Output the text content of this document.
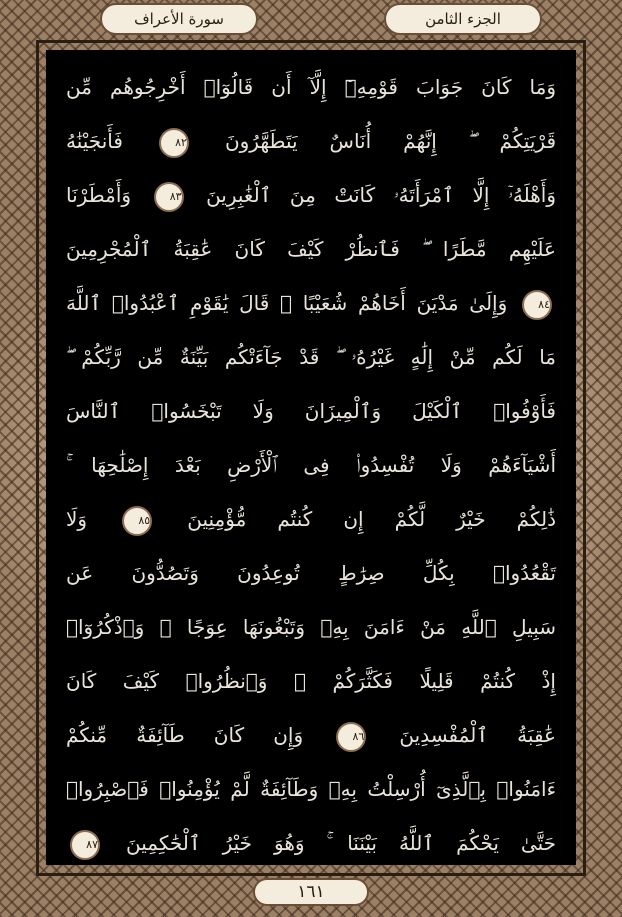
سورة الأعراف	الجزء الثامن
وَمَا كَانَ جَوَابَ قَوْمِهِۦٓ إِلَّآ أَن قَالُوٓا۟ أَخْرِجُوهُم مِّن
قَرْيَتِكُمْ ۖ إِنَّهُمْ أُنَاسٌ يَتَطَهَّرُونَ ٨٢ فَأَنجَيْنَٰهُ
وَأَهْلَهُۥٓ إِلَّا ٱمْرَأَتَهُۥ كَانَتْ مِنَ ٱلْغَٰبِرِينَ ٨٣ وَأَمْطَرْنَا
عَلَيْهِم مَّطَرًا ۖ فَٱنظُرْ كَيْفَ كَانَ عَٰقِبَةُ ٱلْمُجْرِمِينَ
٨٤ وَإِلَىٰ مَدْيَنَ أَخَاهُمْ شُعَيْبًا ۗ قَالَ يَٰقَوْمِ ٱعْبُدُوا۟ ٱللَّهَ
مَا لَكُم مِّنْ إِلَٰهٍ غَيْرُهُۥ ۖ قَدْ جَآءَتْكُم بَيِّنَةٌ مِّن رَّبِّكُمْ ۖ
فَأَوْفُوا۟ ٱلْكَيْلَ وَٱلْمِيزَانَ وَلَا تَبْخَسُوا۟ ٱلنَّاسَ
أَشْيَآءَهُمْ وَلَا تُفْسِدُوا۟ فِى ٱلْأَرْضِ بَعْدَ إِصْلَٰحِهَا ۚ
ذَٰلِكُمْ خَيْرٌ لَّكُمْ إِن كُنتُم مُّؤْمِنِينَ ٨٥ وَلَا
تَقْعُدُوا۟ بِكُلِّ صِرَٰطٍ تُوعِدُونَ وَتَصُدُّونَ عَن
سَبِيلِ ٱللَّهِ مَنْ ءَامَنَ بِهِۦ وَتَبْغُونَهَا عِوَجًا ۚ وَٱذْكُرُوٓا۟
إِذْ كُنتُمْ قَلِيلًا فَكَثَّرَكُمْ ۖ وَٱنظُرُوا۟ كَيْفَ كَانَ
عَٰقِبَةُ ٱلْمُفْسِدِينَ ٨٦ وَإِن كَانَ طَآئِفَةٌ مِّنكُمْ
ءَامَنُوا۟ بِٱلَّذِىٓ أُرْسِلْتُ بِهِۦ وَطَآئِفَةٌ لَّمْ يُؤْمِنُوا۟ فَٱصْبِرُوا۟
حَتَّىٰ يَحْكُمَ ٱللَّهُ بَيْنَنَا ۚ وَهُوَ خَيْرُ ٱلْحَٰكِمِينَ ٨٧
١٦١
